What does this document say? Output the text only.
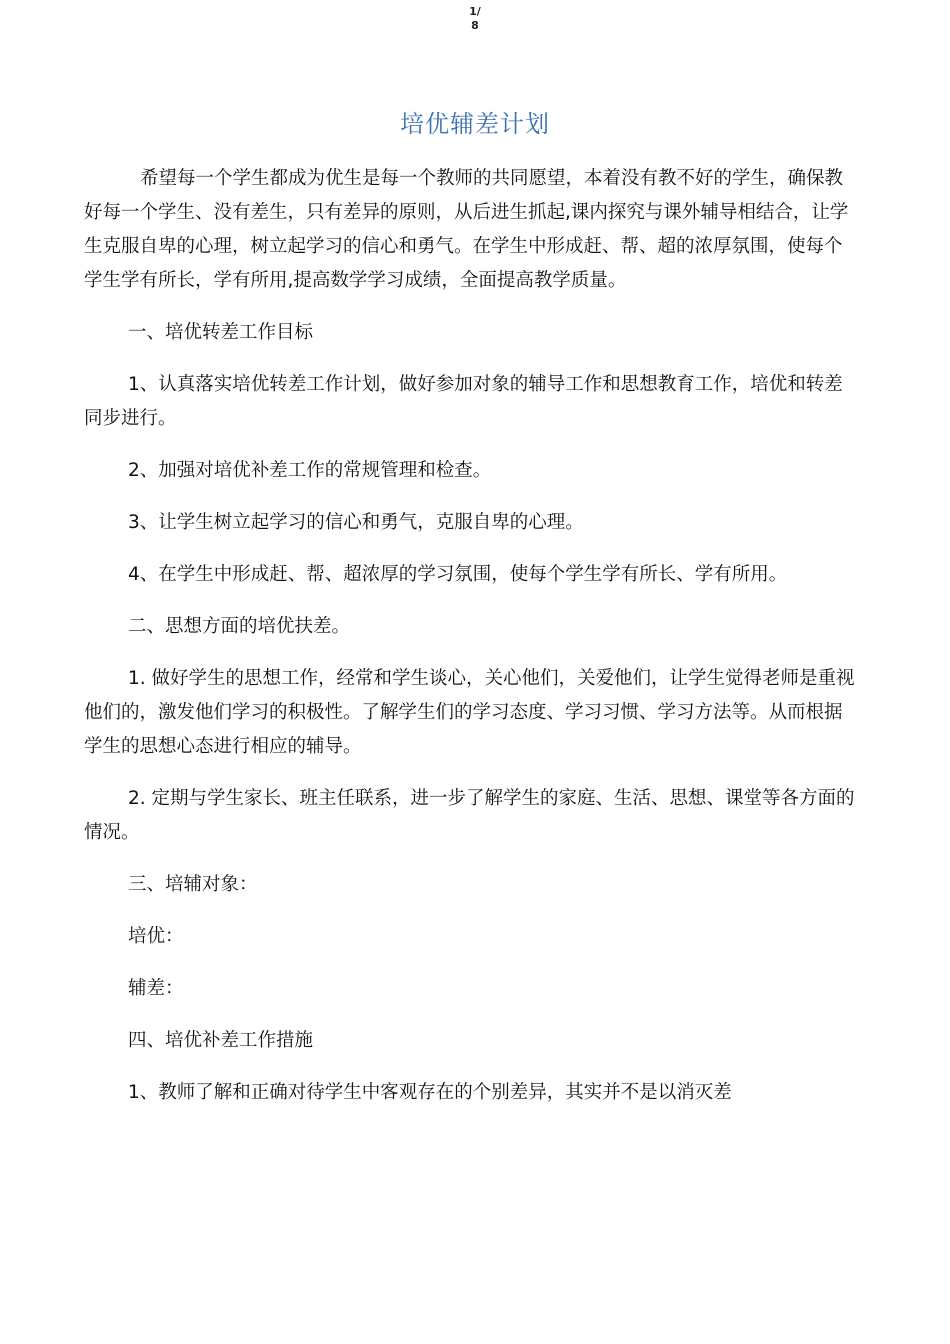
1/
8
培优辅差计划

希望每一个学生都成为优生是每一个教师的共同愿望，本着没有教不好的学生，确保教好每一个学生、没有差生，只有差异的原则，从后进生抓起,课内探究与课外辅导相结合，让学生克服自卑的心理，树立起学习的信心和勇气。在学生中形成赶、帮、超的浓厚氛围，使每个学生学有所长，学有所用,提高数学学习成绩，全面提高教学质量。

一、培优转差工作目标

1、认真落实培优转差工作计划，做好参加对象的辅导工作和思想教育工作，培优和转差同步进行。

2、加强对培优补差工作的常规管理和检查。

3、让学生树立起学习的信心和勇气，克服自卑的心理。

4、在学生中形成赶、帮、超浓厚的学习氛围，使每个学生学有所长、学有所用。

二、思想方面的培优扶差。

1. 做好学生的思想工作，经常和学生谈心，关心他们，关爱他们，让学生觉得老师是重视他们的，激发他们学习的积极性。了解学生们的学习态度、学习习惯、学习方法等。从而根据学生的思想心态进行相应的辅导。

2. 定期与学生家长、班主任联系，进一步了解学生的家庭、生活、思想、课堂等各方面的情况。

三、培辅对象：

培优：

辅差：

四、培优补差工作措施

1、教师了解和正确对待学生中客观存在的个别差异，其实并不是以消灭差
